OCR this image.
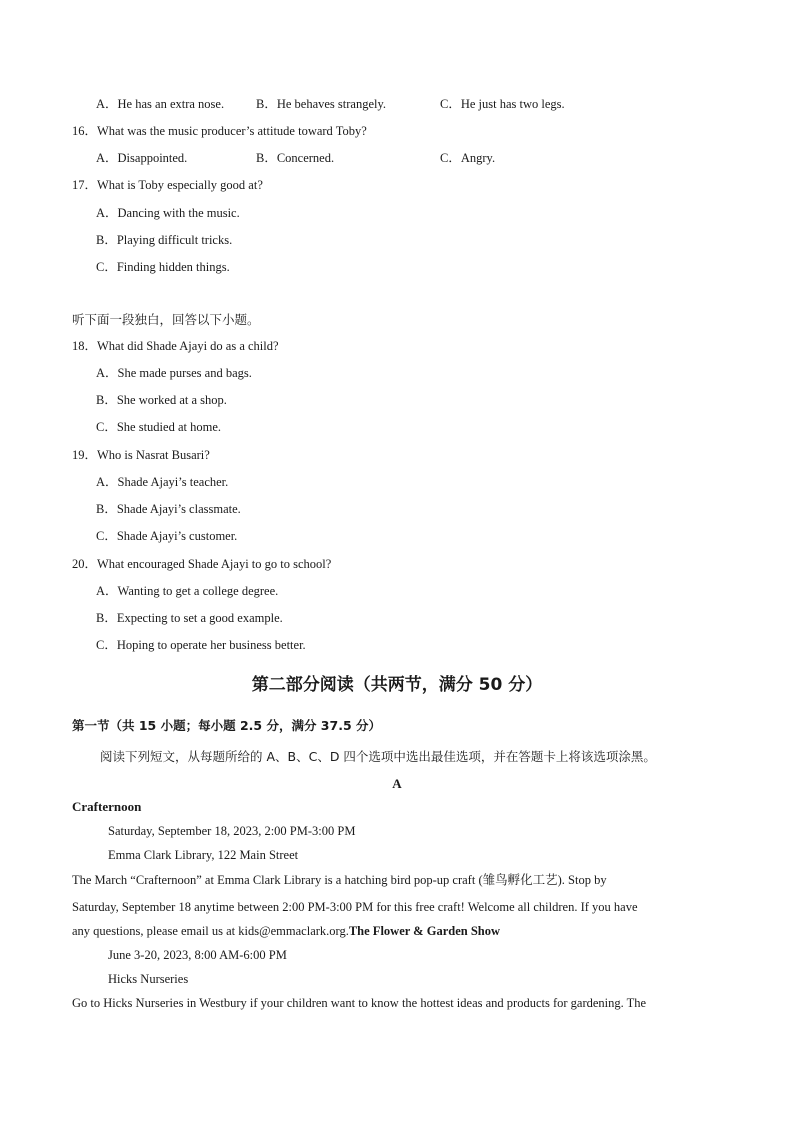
A．He has an extra nose.	B．He behaves strangely.	C．He just has two legs.
16．What was the music producer’s attitude toward Toby?
A．Disappointed.	B．Concerned.	C．Angry.
17．What is Toby especially good at?
A．Dancing with the music.
B．Playing difficult tricks.
C．Finding hidden things.
听下面一段独白，回答以下小题。
18．What did Shade Ajayi do as a child?
A．She made purses and bags.
B．She worked at a shop.
C．She studied at home.
19．Who is Nasrat Busari?
A．Shade Ajayi’s teacher.
B．Shade Ajayi’s classmate.
C．Shade Ajayi’s customer.
20．What encouraged Shade Ajayi to go to school?
A．Wanting to get a college degree.
B．Expecting to set a good example.
C．Hoping to operate her business better.
第二部分阅读（共两节，满分 50 分）
第一节（共 15 小题；每小题 2.5 分，满分 37.5 分）
阅读下列短文，从每题所给的 A、B、C、D 四个选项中选出最佳选项，并在答题卡上将该选项涂黑。
A
Crafternoon
Saturday, September 18, 2023, 2:00 PM-3:00 PM
Emma Clark Library, 122 Main Street
The March “Crafternoon” at Emma Clark Library is a hatching bird pop-up craft (雏鸟孵化工艺). Stop by
Saturday, September 18 anytime between 2:00 PM-3:00 PM for this free craft! Welcome all children. If you have
any questions, please email us at kids@emmaclark.org.The Flower & Garden Show
June 3-20, 2023, 8:00 AM-6:00 PM
Hicks Nurseries
Go to Hicks Nurseries in Westbury if your children want to know the hottest ideas and products for gardening. The
